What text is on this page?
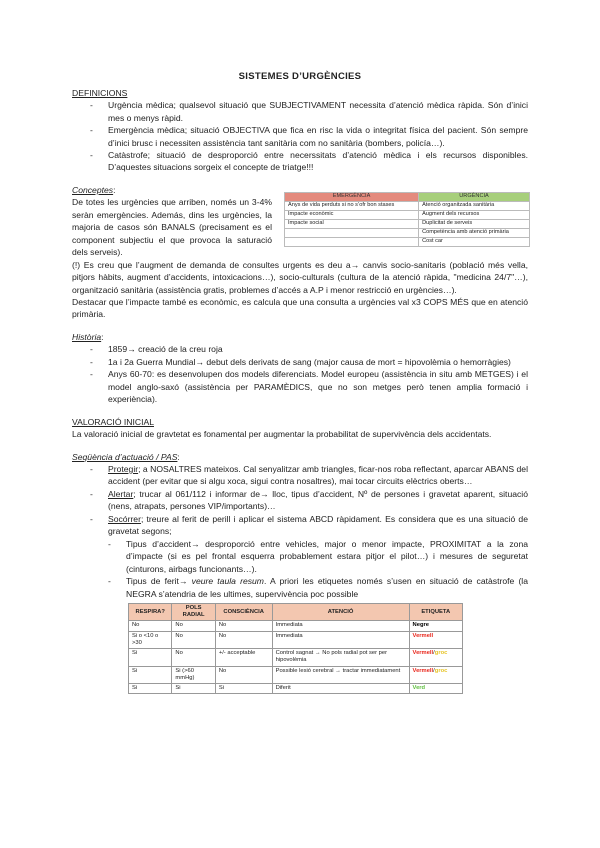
SISTEMES D’URGÈNCIES
DEFINICIONS
- Urgència mèdica; qualsevol situació que SUBJECTIVAMENT necessita d’atenció mèdica ràpida. Són d’inici mes o menys ràpid.
- Emergència mèdica; situació OBJECTIVA que fica en risc la vida o integritat física del pacient. Són sempre d’inici brusc i necessiten assistència tant sanitària com no sanitària (bombers, policía…).
- Catàstrofe; situació de desproporció entre necerssitats d’atenció mèdica i els recursos disponibles. D’aquestes situacions sorgeix el concepte de triatge!!!
Conceptes:

De totes les urgències que arriben, només un 3-4% seràn emergències. Además, dins les urgències, la majoria de casos són BANALS (precisament es el component subjectiu el que provoca la saturació dels serveis).

EMERGÈNCIA	URGÈNCIA
Anys de vida perduts si no s’ofr bon stases	Atenció organitzada sanitària
Impacte econòmic	Augment dels recursos
Impacte social	Duplicitat de serveis
	Competència amb atenció primària
	Cost car

(!) Es creu que l’augment de demanda de consultes urgents es deu a→ canvis socio-sanitaris (població més vella, pitjors hàbits, augment d’accidents, intoxicacions…), socio-culturals (cultura de la atenció ràpida, "medicina 24/7"…), organització sanitària (assistència gratis, problemes d’accés a A.P i menor restricció en urgències…).

Destacar que l’impacte també es econòmic, es calcula que una consulta a urgències val x3 COPS MÉS que en atenció primària.

Història:
- 1859→ creació de la creu roja
- 1a i 2a Guerra Mundial→ debut dels derivats de sang (major causa de mort = hipovolèmia o hemorràgies)
- Anys 60-70: es desenvolupen dos models diferenciats. Model europeu (assistència in situ amb METGES) i el model anglo-saxó (assistència per PARAMÈDICS, que no son metges però tenen amplia formació i experiència).
VALORACIÓ INICIAL

La valoració inicial de gravtetat es fonamental per augmentar la probabilitat de supervivència dels accidentats.

Seqüència d’actuació / PAS:
- Protegir; a NOSALTRES mateixos. Cal senyalitzar amb triangles, ficar-nos roba reflectant, aparcar ABANS del accident (per evitar que si algu xoca, sigui contra nosaltres), mai tocar circuits elèctrics oberts…
- Alertar; trucar al 061/112 i informar de→ lloc, tipus d’accident, Nº de persones i gravetat aparent, situació (nens, atrapats, persones VIP/importants)…
- Socórrer; treure al ferit de perill i aplicar el sistema ABCD ràpidament. Es considera que es una situació de gravetat segons;
- Tipus d’accident→ desproporció entre vehicles, major o menor impacte, PROXIMITAT a la zona d’impacte (si es pel frontal esquerra probablement estara pitjor el pilot…) i mesures de seguretat (cinturons, airbags funcionants…).
- Tipus de ferit→ veure taula resum. A priori les etiquetes només s’usen en situació de catàstrofe (la NEGRA s’atendria de les ultimes, supervivència poc possible
RESPIRA?	POLS RADIAL	CONSCIÈNCIA	ATENCIÓ	ETIQUETA
No	No	No	Immediata	Negre
Si o <10 o >30	No	No	Immediata	Vermell
Si	No	+/- acceptable	Control sagnat → No pols radial pot ser per hipovolèmia	Vermell/groc
Si	Si (>60 mmHg)	No	Possible lesió cerebral → tractar immediatament	Vermell/groc
Si	Si	Si	Diferit	Verd
